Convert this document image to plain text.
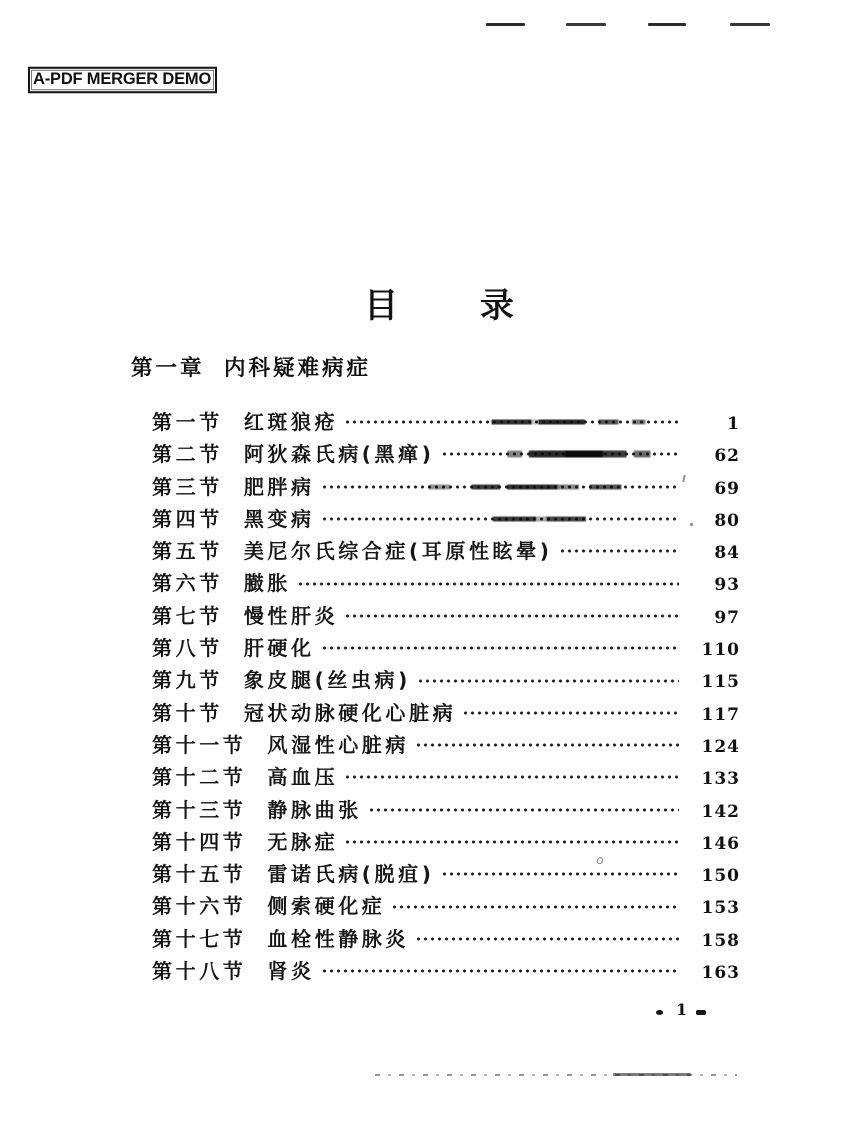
A-PDF MERGER DEMO
目 录
第一章 内科疑难病症
第一节 红斑狼疮	1
第二节 阿狄森氏病(黑瘅)	62
第三节 肥胖病	69
第四节 黑变病	80
第五节 美尼尔氏综合症(耳原性眩晕)	84
第六节 臌胀	93
第七节 慢性肝炎	97
第八节 肝硬化	110
第九节 象皮腿(丝虫病)	115
第十节 冠状动脉硬化心脏病	117
第十一节 风湿性心脏病	124
第十二节 高血压	133
第十三节 静脉曲张	142
第十四节 无脉症	146
第十五节 雷诺氏病(脱疽)	150
第十六节 侧索硬化症	153
第十七节 血栓性静脉炎	158
第十八节 肾炎	163
1
